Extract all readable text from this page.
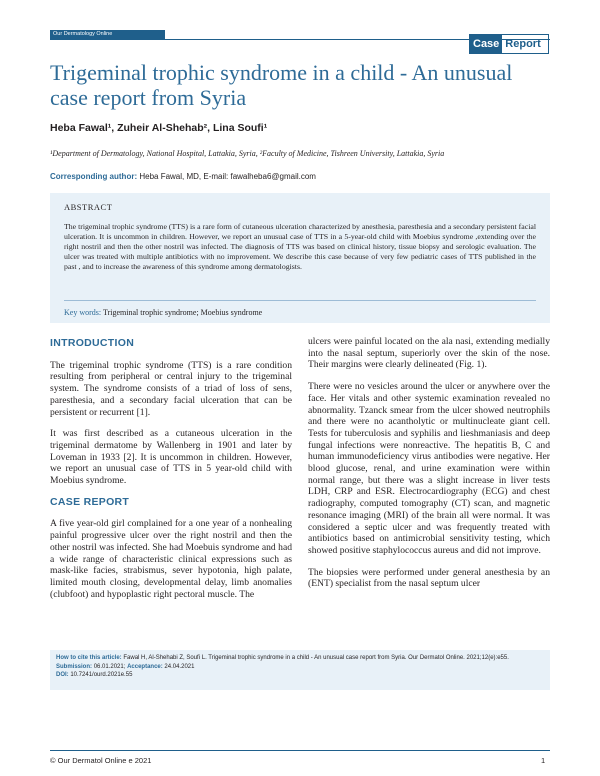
Our Dermatology Online
Case Report
Trigeminal trophic syndrome in a child - An unusual case report from Syria
Heba Fawal¹, Zuheir Al-Shehab², Lina Soufi¹
¹Department of Dermatology, National Hospital, Lattakia, Syria, ²Faculty of Medicine, Tishreen University, Lattakia, Syria
Corresponding author: Heba Fawal, MD, E-mail: fawalheba6@gmail.com
ABSTRACT
The trigeminal trophic syndrome (TTS) is a rare form of cutaneous ulceration characterized by anesthesia, paresthesia and a secondary persistent facial ulceration. It is uncommon in children. However, we report an unusual case of TTS in a 5-year-old child with Moebius syndrome ,extending over the right nostril and then the other nostril was infected. The diagnosis of TTS was based on clinical history, tissue biopsy and serologic evaluation. The ulcer was treated with multiple antibiotics with no improvement. We describe this case because of very few pediatric cases of TTS published in the past , and to increase the awareness of this syndrome among dermatologists.
Key words: Trigeminal trophic syndrome; Moebius syndrome
INTRODUCTION

The trigeminal trophic syndrome (TTS) is a rare condition resulting from peripheral or central injury to the trigeminal system. The syndrome consists of a triad of loss of sens, paresthesia, and a secondary facial ulceration that can be persistent or recurrent [1].

It was first described as a cutaneous ulceration in the trigeminal dermatome by Wallenberg in 1901 and later by Loveman in 1933 [2]. It is uncommon in children. However, we report an unusual case of TTS in 5 year-old child with Moebius syndrome.

CASE REPORT

A five year-old girl complained for a one year of a nonhealing painful progressive ulcer over the right nostril and then the other nostril was infected. She had Moebuis syndrome and had a wide range of characteristic clinical expressions such as mask-like facies, strabismus, sever hypotonia, high palate, limited mouth closing, developmental delay, limb anomalies (clubfoot) and hypoplastic right pectoral muscle. The

ulcers were painful located on the ala nasi, extending medially into the nasal septum, superiorly over the skin of the nose. Their margins were clearly delineated (Fig. 1).

There were no vesicles around the ulcer or anywhere over the face. Her vitals and other systemic examination revealed no abnormality. Tzanck smear from the ulcer showed neutrophils and there were no acantholytic or multinucleate giant cell. Tests for tuberculosis and syphilis and lieshmaniasis and deep fungal infections were nonreactive. The hepatitis B, C and human immunodeficiency virus antibodies were negative. Her blood glucose, renal, and urine examination were within normal range, but there was a slight increase in liver tests LDH, CRP and ESR. Electrocardiography (ECG) and chest radiography, computed tomography (CT) scan, and magnetic resonance imaging (MRI) of the brain all were normal. It was considered a septic ulcer and was frequently treated with antibiotics based on antimicrobial sensitivity testing, which showed positive staphylococcus aureus and did not improve.

The biopsies were performed under general anesthesia by an (ENT) specialist from the nasal septum ulcer

How to cite this article: Fawal H, Al-Shehabi Z, Soufi L. Trigeminal trophic syndrome in a child - An unusual case report from Syria. Our Dermatol Online. 2021;12(e):e55.
Submission: 06.01.2021; Acceptance: 24.04.2021
DOI: 10.7241/ourd.2021e.55
© Our Dermatol Online e 2021	1
